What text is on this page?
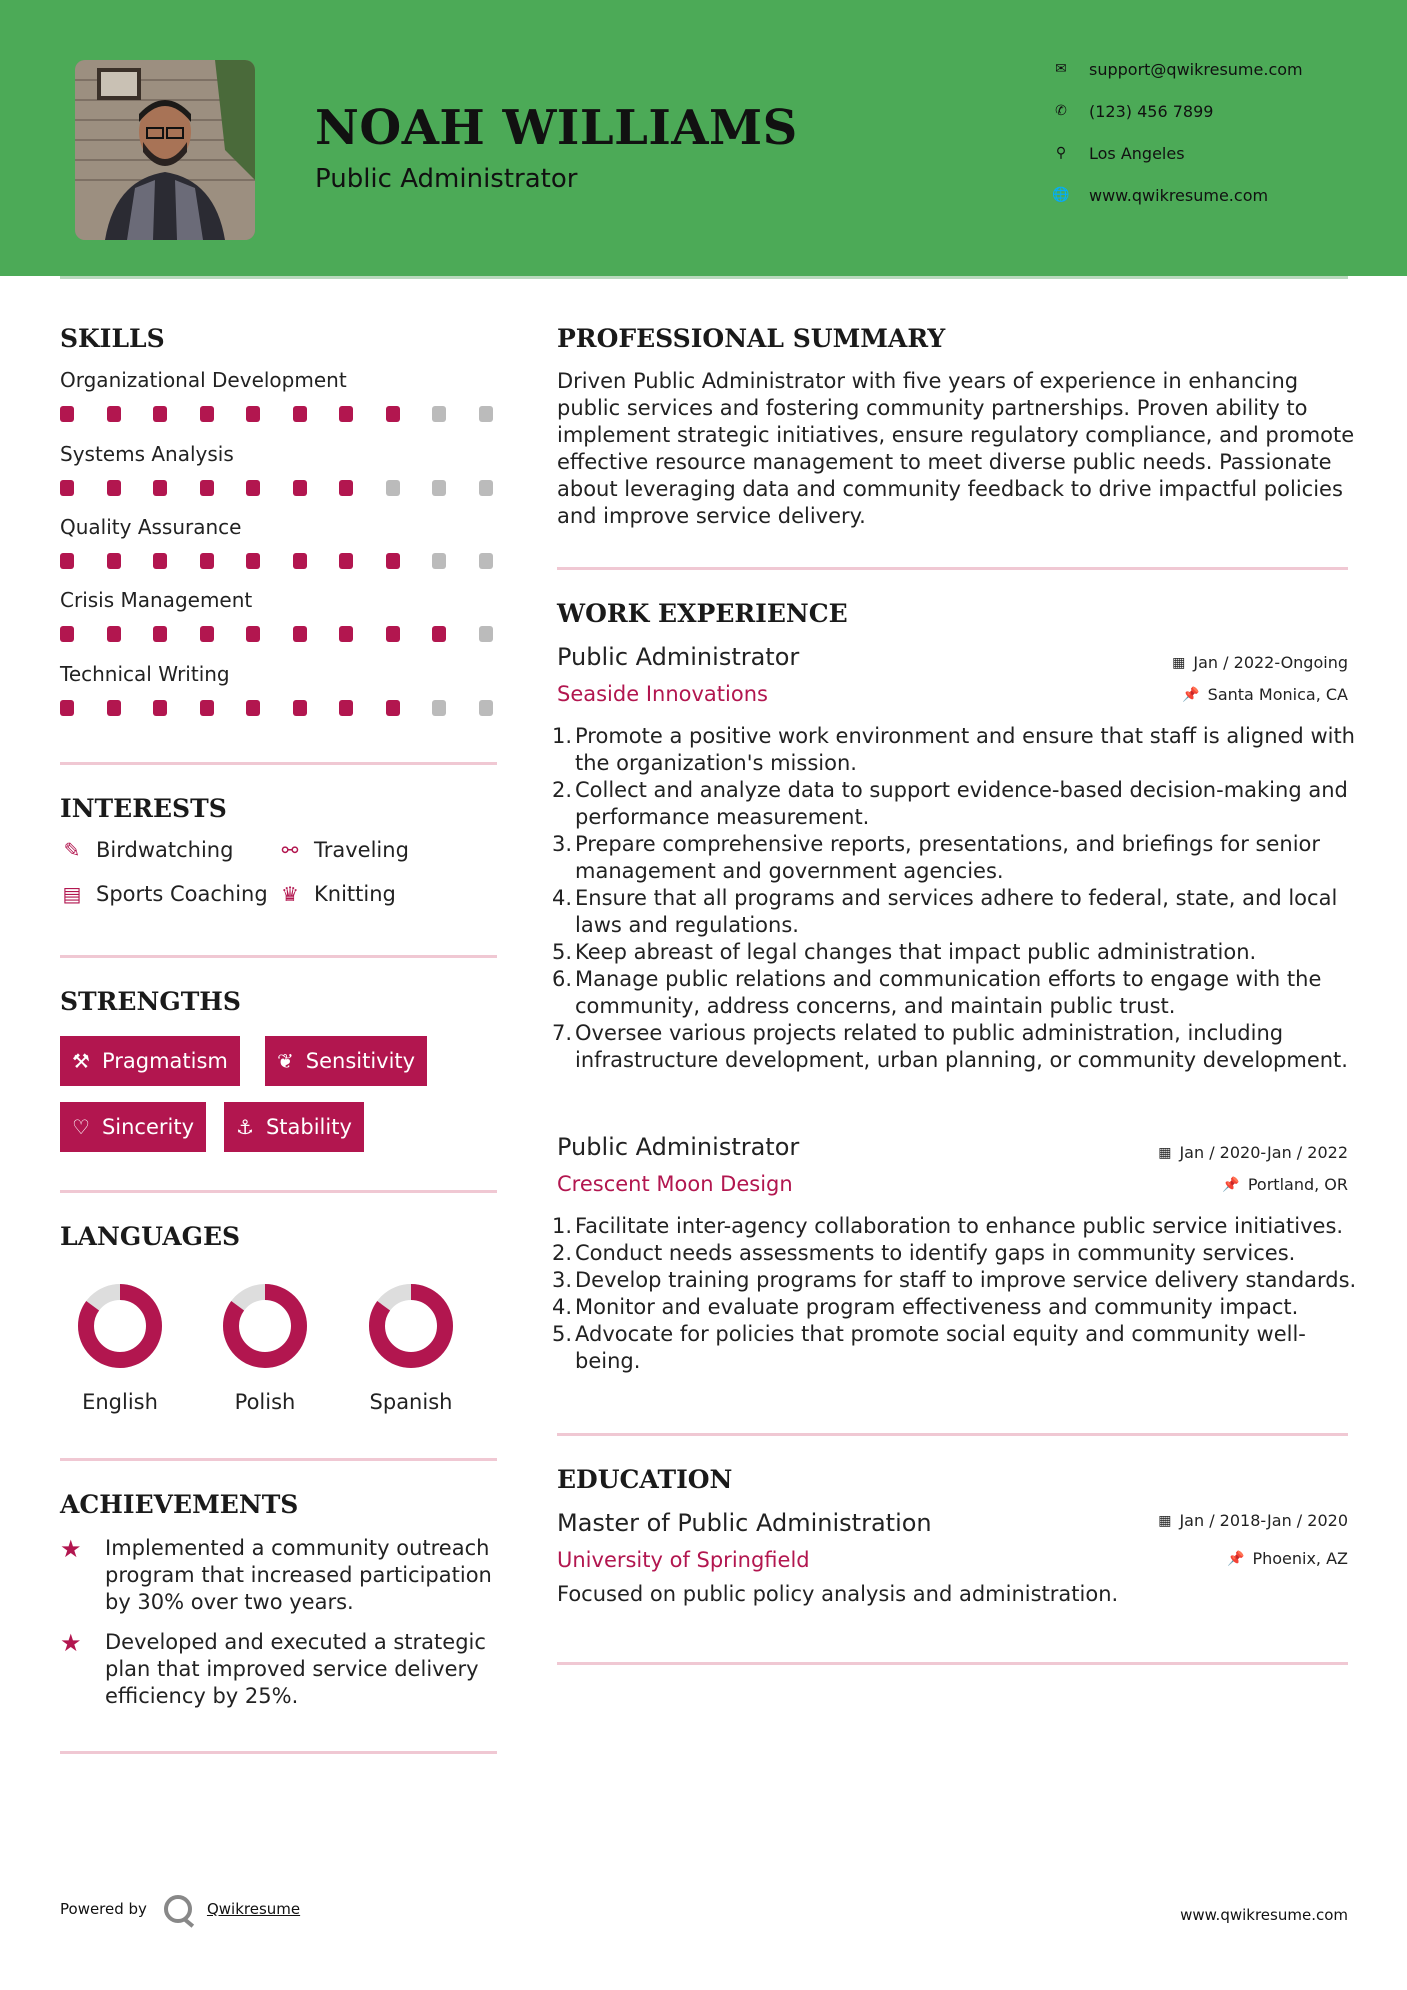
NOAH WILLIAMS
Public Administrator
✉	support@qwikresume.com
✆	(123) 456 7899
⚲	Los Angeles
🌐 www.qwikresume.com
SKILLS
Organizational Development
Systems Analysis
Quality Assurance
Crisis Management
Technical Writing
INTERESTS
✎ Birdwatching ⚯ Traveling
▤ Sports Coaching ♛ Knitting
STRENGTHS
⚒ Pragmatism ❦ Sensitivity
♡ Sincerity ⚓ Stability
LANGUAGES
English	Polish	Spanish
ACHIEVEMENTS
★	Implemented a community outreach program that increased participation by 30% over two years.
★	Developed and executed a strategic plan that improved service delivery efficiency by 25%.
PROFESSIONAL SUMMARY
Driven Public Administrator with five years of experience in enhancing public services and fostering community partnerships. Proven ability to implement strategic initiatives, ensure regulatory compliance, and promote effective resource management to meet diverse public needs. Passionate about leveraging data and community feedback to drive impactful policies and improve service delivery.
WORK EXPERIENCE
Public Administrator	▦ Jan / 2022-Ongoing
Seaside Innovations	📌 Santa Monica, CA
1. Promote a positive work environment and ensure that staff is aligned with the organization's mission.
2. Collect and analyze data to support evidence-based decision-making and performance measurement.
3. Prepare comprehensive reports, presentations, and briefings for senior management and government agencies.
4. Ensure that all programs and services adhere to federal, state, and local laws and regulations.
5. Keep abreast of legal changes that impact public administration.
6. Manage public relations and communication efforts to engage with the community, address concerns, and maintain public trust.
7. Oversee various projects related to public administration, including infrastructure development, urban planning, or community development.
Public Administrator	▦ Jan / 2020-Jan / 2022
Crescent Moon Design	📌 Portland, OR
1. Facilitate inter-agency collaboration to enhance public service initiatives.
2. Conduct needs assessments to identify gaps in community services.
3. Develop training programs for staff to improve service delivery standards.
4. Monitor and evaluate program effectiveness and community impact.
5. Advocate for policies that promote social equity and community well-being.
EDUCATION
Master of Public Administration	▦ Jan / 2018-Jan / 2020
University of Springfield	📌 Phoenix, AZ
Focused on public policy analysis and administration.
Powered by	Qwikresume	www.qwikresume.com
